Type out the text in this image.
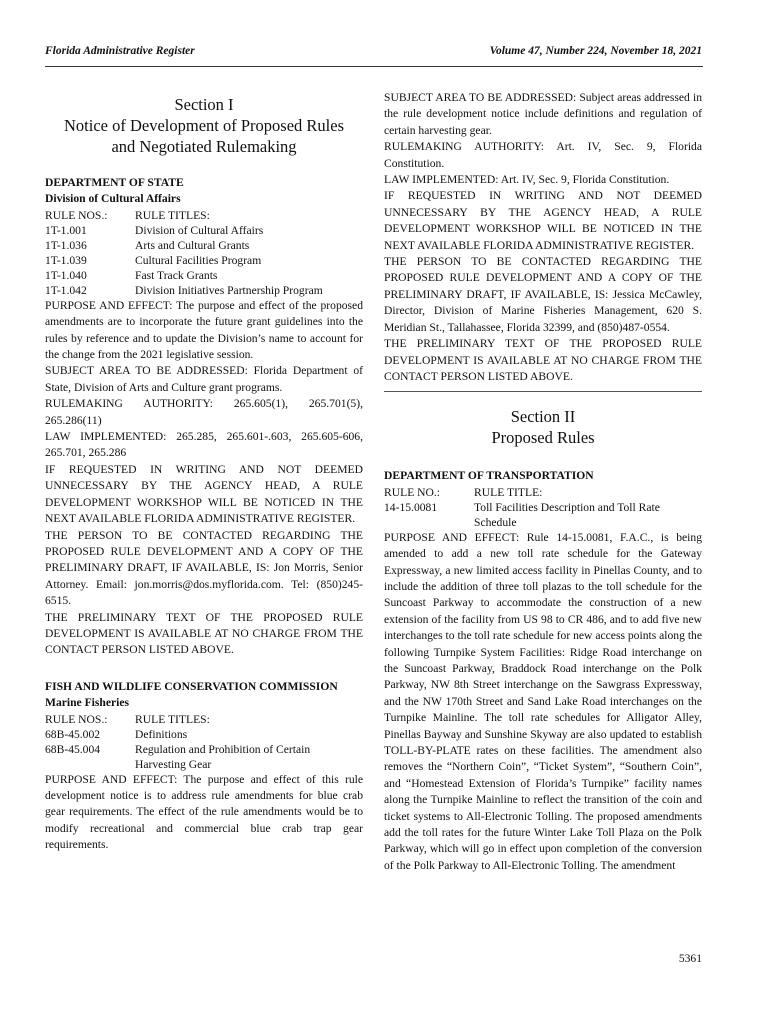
Florida Administrative Register	Volume 47, Number 224, November 18, 2021
Section I
Notice of Development of Proposed Rules
and Negotiated Rulemaking
DEPARTMENT OF STATE
Division of Cultural Affairs
RULE NOS.:	RULE TITLES:
1T-1.001	Division of Cultural Affairs
1T-1.036	Arts and Cultural Grants
1T-1.039	Cultural Facilities Program
1T-1.040	Fast Track Grants
1T-1.042	Division Initiatives Partnership Program
PURPOSE AND EFFECT: The purpose and effect of the proposed amendments are to incorporate the future grant guidelines into the rules by reference and to update the Division’s name to account for the change from the 2021 legislative session.
SUBJECT AREA TO BE ADDRESSED: Florida Department of State, Division of Arts and Culture grant programs.
RULEMAKING AUTHORITY: 265.605(1), 265.701(5), 265.286(11)
LAW IMPLEMENTED: 265.285, 265.601-.603, 265.605-606, 265.701, 265.286
IF REQUESTED IN WRITING AND NOT DEEMED UNNECESSARY BY THE AGENCY HEAD, A RULE DEVELOPMENT WORKSHOP WILL BE NOTICED IN THE NEXT AVAILABLE FLORIDA ADMINISTRATIVE REGISTER.
THE PERSON TO BE CONTACTED REGARDING THE PROPOSED RULE DEVELOPMENT AND A COPY OF THE PRELIMINARY DRAFT, IF AVAILABLE, IS: Jon Morris, Senior Attorney. Email: jon.morris@dos.myflorida.com. Tel: (850)245-6515.
THE PRELIMINARY TEXT OF THE PROPOSED RULE DEVELOPMENT IS AVAILABLE AT NO CHARGE FROM THE CONTACT PERSON LISTED ABOVE.
FISH AND WILDLIFE CONSERVATION COMMISSION
Marine Fisheries
RULE NOS.:	RULE TITLES:
68B-45.002	Definitions
68B-45.004	Regulation and Prohibition of Certain Harvesting Gear
PURPOSE AND EFFECT: The purpose and effect of this rule development notice is to address rule amendments for blue crab gear requirements. The effect of the rule amendments would be to modify recreational and commercial blue crab trap gear requirements.
SUBJECT AREA TO BE ADDRESSED: Subject areas addressed in the rule development notice include definitions and regulation of certain harvesting gear.
RULEMAKING AUTHORITY: Art. IV, Sec. 9, Florida Constitution.
LAW IMPLEMENTED: Art. IV, Sec. 9, Florida Constitution.
IF REQUESTED IN WRITING AND NOT DEEMED UNNECESSARY BY THE AGENCY HEAD, A RULE DEVELOPMENT WORKSHOP WILL BE NOTICED IN THE NEXT AVAILABLE FLORIDA ADMINISTRATIVE REGISTER.
THE PERSON TO BE CONTACTED REGARDING THE PROPOSED RULE DEVELOPMENT AND A COPY OF THE PRELIMINARY DRAFT, IF AVAILABLE, IS: Jessica McCawley, Director, Division of Marine Fisheries Management, 620 S. Meridian St., Tallahassee, Florida 32399, and (850)487-0554.
THE PRELIMINARY TEXT OF THE PROPOSED RULE DEVELOPMENT IS AVAILABLE AT NO CHARGE FROM THE CONTACT PERSON LISTED ABOVE.
Section II
Proposed Rules
DEPARTMENT OF TRANSPORTATION
RULE NO.:	RULE TITLE:
14-15.0081	Toll Facilities Description and Toll Rate Schedule
PURPOSE AND EFFECT: Rule 14-15.0081, F.A.C., is being amended to add a new toll rate schedule for the Gateway Expressway, a new limited access facility in Pinellas County, and to include the addition of three toll plazas to the toll schedule for the Suncoast Parkway to accommodate the construction of a new extension of the facility from US 98 to CR 486, and to add five new interchanges to the toll rate schedule for new access points along the following Turnpike System Facilities: Ridge Road interchange on the Suncoast Parkway, Braddock Road interchange on the Polk Parkway, NW 8th Street interchange on the Sawgrass Expressway, and the NW 170th Street and Sand Lake Road interchanges on the Turnpike Mainline. The toll rate schedules for Alligator Alley, Pinellas Bayway and Sunshine Skyway are also updated to establish TOLL-BY-PLATE rates on these facilities. The amendment also removes the “Northern Coin”, “Ticket System”, “Southern Coin”, and “Homestead Extension of Florida’s Turnpike” facility names along the Turnpike Mainline to reflect the transition of the coin and ticket systems to All-Electronic Tolling. The proposed amendments add the toll rates for the future Winter Lake Toll Plaza on the Polk Parkway, which will go in effect upon completion of the conversion of the Polk Parkway to All-Electronic Tolling. The amendment
5361
